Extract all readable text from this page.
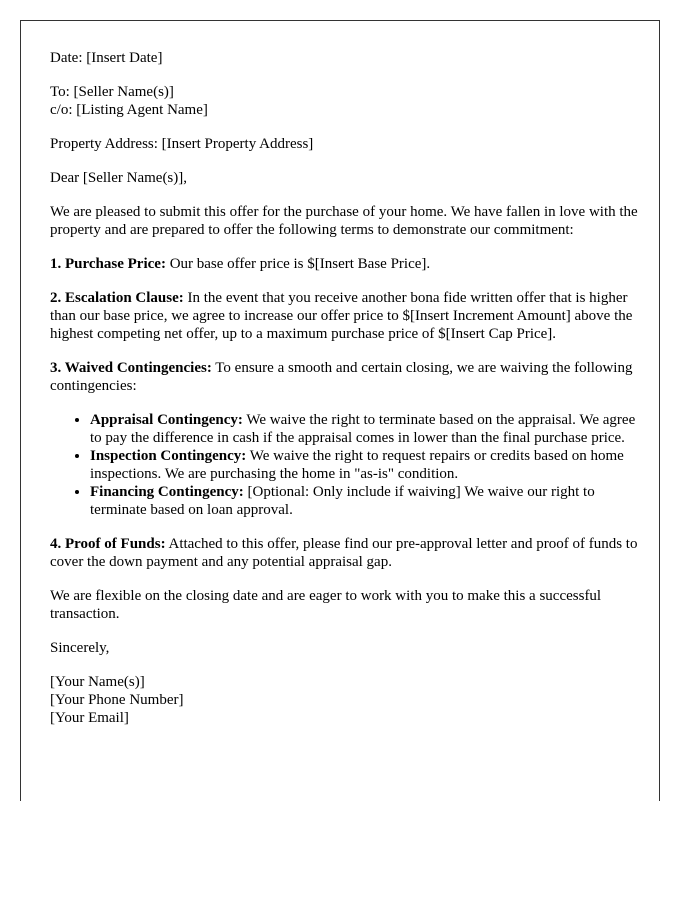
Date: [Insert Date]

To: [Seller Name(s)]
c/o: [Listing Agent Name]

Property Address: [Insert Property Address]

Dear [Seller Name(s)],

We are pleased to submit this offer for the purchase of your home. We have fallen in love with the property and are prepared to offer the following terms to demonstrate our commitment:

1. Purchase Price: Our base offer price is $[Insert Base Price].

2. Escalation Clause: In the event that you receive another bona fide written offer that is higher than our base price, we agree to increase our offer price to $[Insert Increment Amount] above the highest competing net offer, up to a maximum purchase price of $[Insert Cap Price].

3. Waived Contingencies: To ensure a smooth and certain closing, we are waiving the following contingencies:

• Appraisal Contingency: We waive the right to terminate based on the appraisal. We agree to pay the difference in cash if the appraisal comes in lower than the final purchase price.
• Inspection Contingency: We waive the right to request repairs or credits based on home inspections. We are purchasing the home in "as-is" condition.
• Financing Contingency: [Optional: Only include if waiving] We waive our right to terminate based on loan approval.

4. Proof of Funds: Attached to this offer, please find our pre-approval letter and proof of funds to cover the down payment and any potential appraisal gap.

We are flexible on the closing date and are eager to work with you to make this a successful transaction.

Sincerely,

[Your Name(s)]
[Your Phone Number]
[Your Email]
